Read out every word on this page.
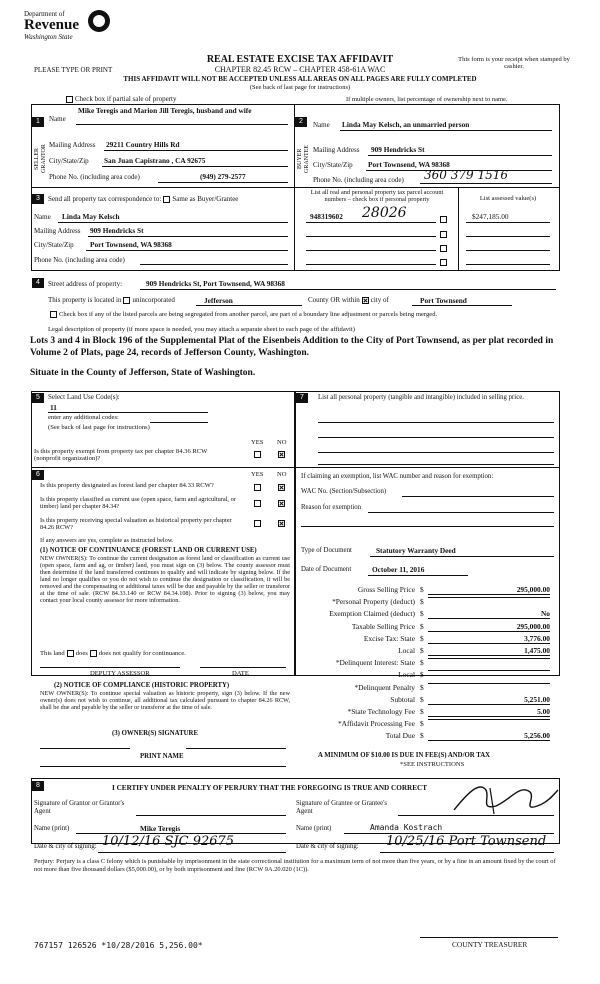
Department of
Revenue
Washington State
REAL ESTATE EXCISE TAX AFFIDAVIT
CHAPTER 82.45 RCW – CHAPTER 458-61A WAC
PLEASE TYPE OR PRINT
This form is your receipt when stamped by cashier.
THIS AFFIDAVIT WILL NOT BE ACCEPTED UNLESS ALL AREAS ON ALL PAGES ARE FULLY COMPLETED
(See back of last page for instructions)
Check box if partial sale of property	If multiple owners, list percentage of ownership next to name.
1	2
SELLER GRANTOR	BUYER GRANTEE
Name
Mike Teregis and Marion Jill Teregis, husband and wife
Mailing Address 29211 Country Hills Rd
City/State/Zip San Juan Capistrano , CA 92675
Phone No. (including area code)	(949) 279-2577
Name Linda May Kelsch, an unmarried person
Mailing Address 909 Hendricks St
City/State/Zip Port Townsend, WA 98368
Phone No. (including area code) 360 379 1516
3	Send all property tax correspondence to: Same as Buyer/Grantee
Name Linda May Kelsch
Mailing Address 909 Hendricks St
City/State/Zip Port Townsend, WA 98368
Phone No. (including area code)
List all real and personal property tax parcel account numbers – check box if personal property	List assessed value(s)
948319602 28026	$247,185.00
4	Street address of property:	909 Hendricks St, Port Townsend, WA 98368
This property is located in unincorporated	Jefferson	County OR within city of	Port Townsend
Check box if any of the listed parcels are being segregated from another parcel, are part of a boundary line adjustment or parcels being merged.
Legal description of property (if more space is needed, you may attach a separate sheet to each page of the affidavit)
Lots 3 and 4 in Block 196 of the Supplemental Plat of the Eisenbeis Addition to the City of Port Townsend, as per plat recorded in Volume 2 of Plats, page 24, records of Jefferson County, Washington.
Situate in the County of Jefferson, State of Washington.
5	7
6
Select Land Use Code(s):
11
enter any additional codes:
(See back of last page for instructions)
YES NO
Is this property exempt from property tax per chapter 84.36 RCW (nonprofit organization)?
YES NO
Is this property designated as forest land per chapter 84.33 RCW?
Is this property classified as current use (open space, farm and agricultural, or timber) land per chapter 84.34?
Is this property receiving special valuation as historical property per chapter 84.26 RCW?
If any answers are yes, complete as instructed below.
(1) NOTICE OF CONTINUANCE (FOREST LAND OR CURRENT USE)
NEW OWNER(S): To continue the current designation as forest land or classification as current use (open space, farm and ag, or timber) land, you must sign on (3) below. The county assessor must then determine if the land transferred continues to qualify and will indicate by signing below. If the land no longer qualifies or you do not wish to continue the designation or classification, it will be removed and the compensating or additional taxes will be due and payable by the seller or transferor at the time of sale. (RCW 84.33.140 or RCW 84.34.108). Prior to signing (3) below, you may contact your local county assessor for more information.
This land does does not qualify for continuance.
DEPUTY ASSESSOR	DATE
(2) NOTICE OF COMPLIANCE (HISTORIC PROPERTY)
NEW OWNER(S): To continue special valuation as historic property, sign (3) below. If the new owner(s) does not wish to continue, all additional tax calculated pursuant to chapter 84.26 RCW, shall be due and payable by the seller or transferor at the time of sale.
(3) OWNER(S) SIGNATURE
PRINT NAME
List all personal property (tangible and intangible) included in selling price.
If claiming an exemption, list WAC number and reason for exemption:
WAC No. (Section/Subsection)
Reason for exemption
Type of Document	Statutory Warranty Deed
Date of Document	October 11, 2016
Gross Selling Price $	295,000.00
*Personal Property (deduct) $
Exemption Claimed (deduct) $	No
Taxable Selling Price $	295,000.00
Excise Tax: State $	3,776.00
Local $	1,475.00
*Delinquent Interest: State $
Local $
*Delinquent Penalty $
Subtotal $	5,251.00
*State Technology Fee $	5.00
*Affidavit Processing Fee $
Total Due $	5,256.00
A MINIMUM OF $10.00 IS DUE IN FEE(S) AND/OR TAX
*SEE INSTRUCTIONS
8	I CERTIFY UNDER PENALTY OF PERJURY THAT THE FOREGOING IS TRUE AND CORRECT
Signature of Grantor or Grantor's Agent
Signature of Grantee or Grantee's Agent
Name (print)	Mike Teregis	Name (print)	Amanda Kostrach
Date & city of signing: 10/12/16 SJC 92675	Date & city of signing: 10/25/16 Port Townsend
Perjury: Perjury is a class C felony which is punishable by imprisonment in the state correctional institution for a maximum term of not more than five years, or by a fine in an amount fixed by the court of not more than five thousand dollars ($5,000.00), or by both imprisonment and fine (RCW 9A.20.020 (1C)).
767157 126526 *10/28/2016 5,256.00*	COUNTY TREASURER
